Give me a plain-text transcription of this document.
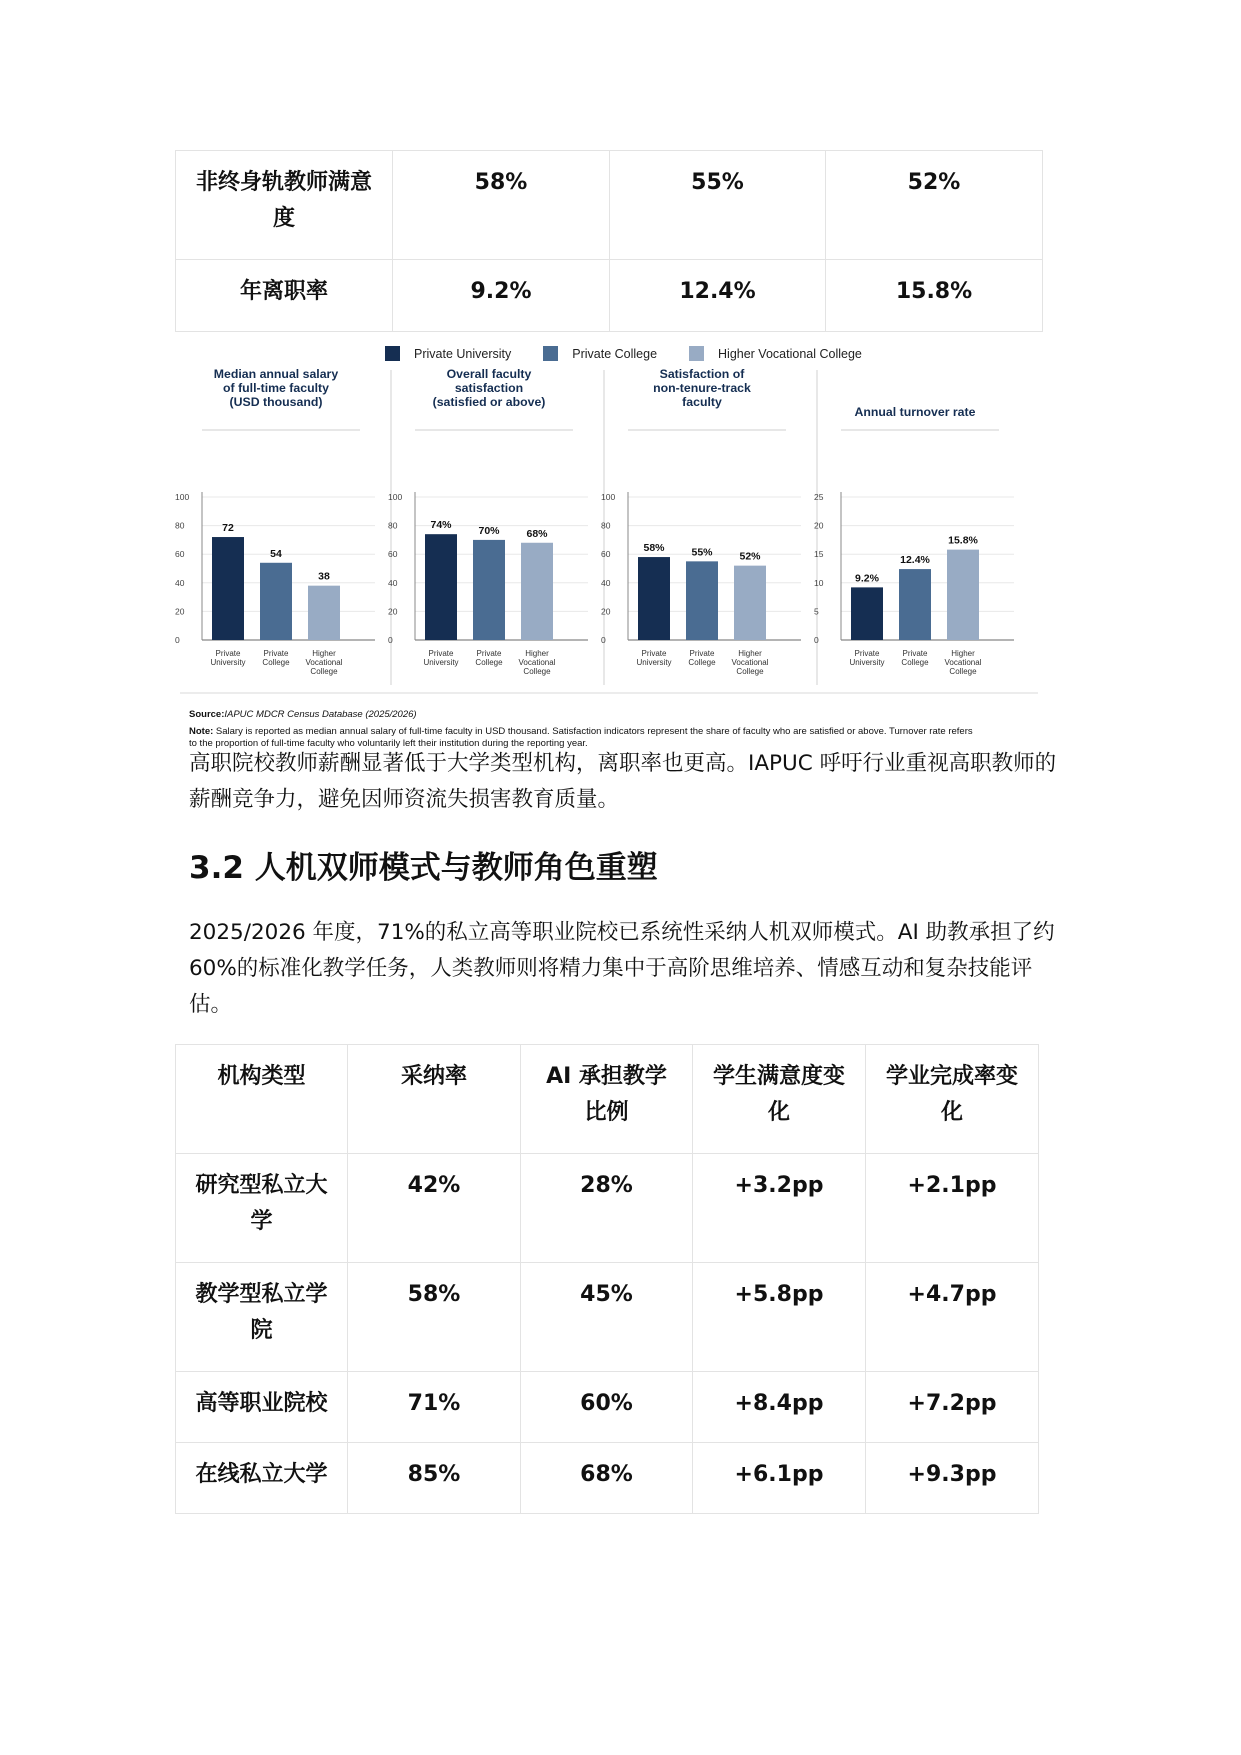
非终身轨教师满意度	58%	55%	52%
年离职率	9.2%	12.4%	15.8%
Private University	Private College	Higher Vocational College
Median annual salary
of full-time faculty
(USD thousand)
0
20
40
60
80
100
72
Private
University
54
Private
College
38
Higher
Vocational
College
Overall faculty
satisfaction
(satisfied or above)
0
20
40
60
80
100
74%
Private
University
70%
Private
College
68%
Higher
Vocational
College
Satisfaction of
non-tenure-track
faculty
0
20
40
60
80
100
58%
Private
University
55%
Private
College
52%
Higher
Vocational
College
Annual turnover rate
0
5
10
15
20
25
9.2%
Private
University
12.4%
Private
College
15.8%
Higher
Vocational
College
Source:IAPUC MDCR Census Database (2025/2026)
Note: Salary is reported as median annual salary of full-time faculty in USD thousand. Satisfaction indicators represent the share of faculty who are satisfied or above. Turnover rate refers
to the proportion of full-time faculty who voluntarily left their institution during the reporting year.
高职院校教师薪酬显著低于大学类型机构，离职率也更高。IAPUC 呼吁行业重视高职教师的薪酬竞争力，避免因师资流失损害教育质量。
3.2 人机双师模式与教师角色重塑
2025/2026 年度，71%的私立高等职业院校已系统性采纳人机双师模式。AI 助教承担了约 60%的标准化教学任务，人类教师则将精力集中于高阶思维培养、情感互动和复杂技能评估。
机构类型	采纳率	AI 承担教学比例	学生满意度变化	学业完成率变化
研究型私立大学	42%	28%	+3.2pp	+2.1pp
教学型私立学院	58%	45%	+5.8pp	+4.7pp
高等职业院校	71%	60%	+8.4pp	+7.2pp
在线私立大学	85%	68%	+6.1pp	+9.3pp
